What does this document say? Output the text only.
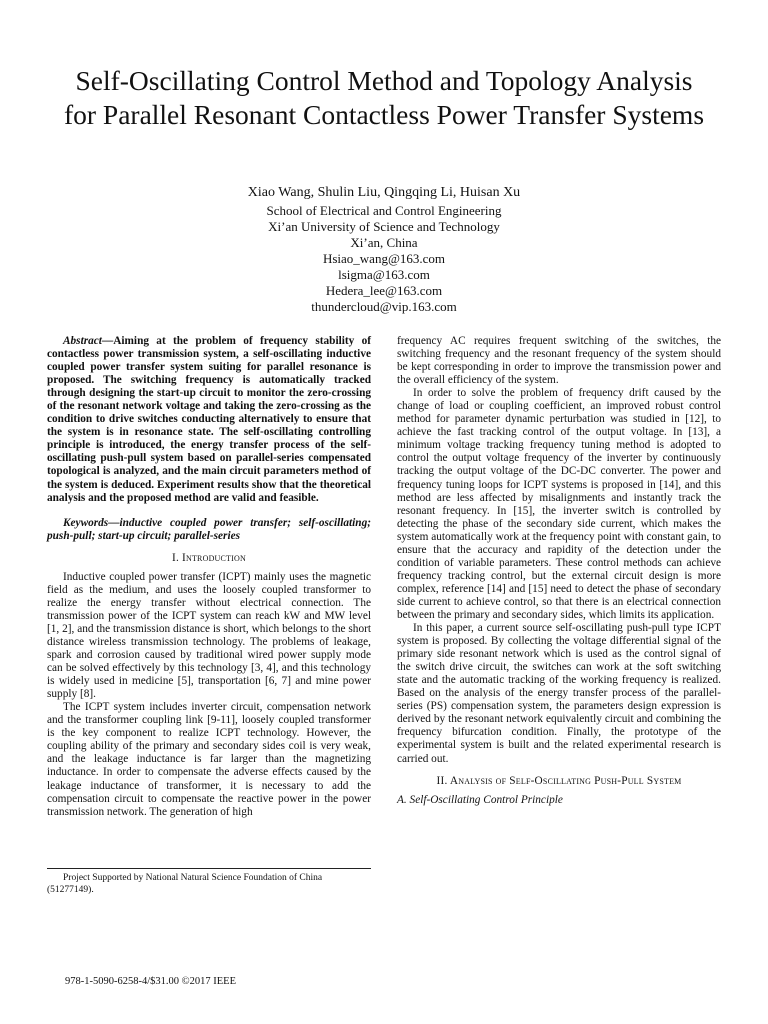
Self-Oscillating Control Method and Topology Analysis for Parallel Resonant Contactless Power Transfer Systems
Xiao Wang, Shulin Liu, Qingqing Li, Huisan Xu
School of Electrical and Control Engineering
Xi’an University of Science and Technology
Xi’an, China
Hsiao_wang@163.com
lsigma@163.com
Hedera_lee@163.com
thundercloud@vip.163.com

Abstract—Aiming at the problem of frequency stability of contactless power transmission system, a self-oscillating inductive coupled power transfer system suiting for parallel resonance is proposed. The switching frequency is automatically tracked through designing the start-up circuit to monitor the zero-crossing of the resonant network voltage and taking the zero-crossing as the condition to drive switches conducting alternatively to ensure that the system is in resonance state. The self-oscillating controlling principle is introduced, the energy transfer process of the self-oscillating push-pull system based on parallel-series compensated topological is analyzed, and the main circuit parameters method of the system is deduced. Experiment results show that the theoretical analysis and the proposed method are valid and feasible.

Keywords—inductive coupled power transfer; self-oscillating; push-pull; start-up circuit; parallel-series

I. Introduction

Inductive coupled power transfer (ICPT) mainly uses the magnetic field as the medium, and uses the loosely coupled transformer to realize the energy transfer without electrical connection. The transmission power of the ICPT system can reach kW and MW level [1, 2], and the transmission distance is short, which belongs to the short distance wireless transmission technology. The problems of leakage, spark and corrosion caused by traditional wired power supply mode can be solved effectively by this technology [3, 4], and this technology is widely used in medicine [5], transportation [6, 7] and mine power supply [8].

The ICPT system includes inverter circuit, compensation network and the transformer coupling link [9-11], loosely coupled transformer is the key component to realize ICPT technology. However, the coupling ability of the primary and secondary sides coil is very weak, and the leakage inductance is far larger than the magnetizing inductance. In order to compensate the adverse effects caused by the leakage inductance of transformer, it is necessary to add the compensation circuit to compensate the reactive power in the power transmission network. The generation of high

frequency AC requires frequent switching of the switches, the switching frequency and the resonant frequency of the system should be kept corresponding in order to improve the transmission power and the overall efficiency of the system.

In order to solve the problem of frequency drift caused by the change of load or coupling coefficient, an improved robust control method for parameter dynamic perturbation was studied in [12], to achieve the fast tracking control of the output voltage. In [13], a minimum voltage tracking frequency tuning method is adopted to control the output voltage frequency of the inverter by continuously tracking the output voltage of the DC-DC converter. The power and frequency tuning loops for ICPT systems is proposed in [14], and this method are less affected by misalignments and instantly track the resonant frequency. In [15], the inverter switch is controlled by detecting the phase of the secondary side current, which makes the system automatically work at the frequency point with constant gain, to ensure that the accuracy and rapidity of the detection under the condition of variable parameters. These control methods can achieve frequency tracking control, but the external circuit design is more complex, reference [14] and [15] need to detect the phase of secondary side current to achieve control, so that there is an electrical connection between the primary and secondary sides, which limits its application.

In this paper, a current source self-oscillating push-pull type ICPT system is proposed. By collecting the voltage differential signal of the primary side resonant network which is used as the control signal of the switch drive circuit, the switches can work at the soft switching state and the automatic tracking of the working frequency is realized. Based on the analysis of the energy transfer process of the parallel-series (PS) compensation system, the parameters design expression is derived by the resonant network equivalently circuit and combining the frequency bifurcation condition. Finally, the prototype of the experimental system is built and the related experimental research is carried out.

II. Analysis of Self-Oscillating Push-Pull System

A. Self-Oscillating Control Principle

Project Supported by National Natural Science Foundation of China (51277149).
978-1-5090-6258-4/$31.00 ©2017 IEEE
